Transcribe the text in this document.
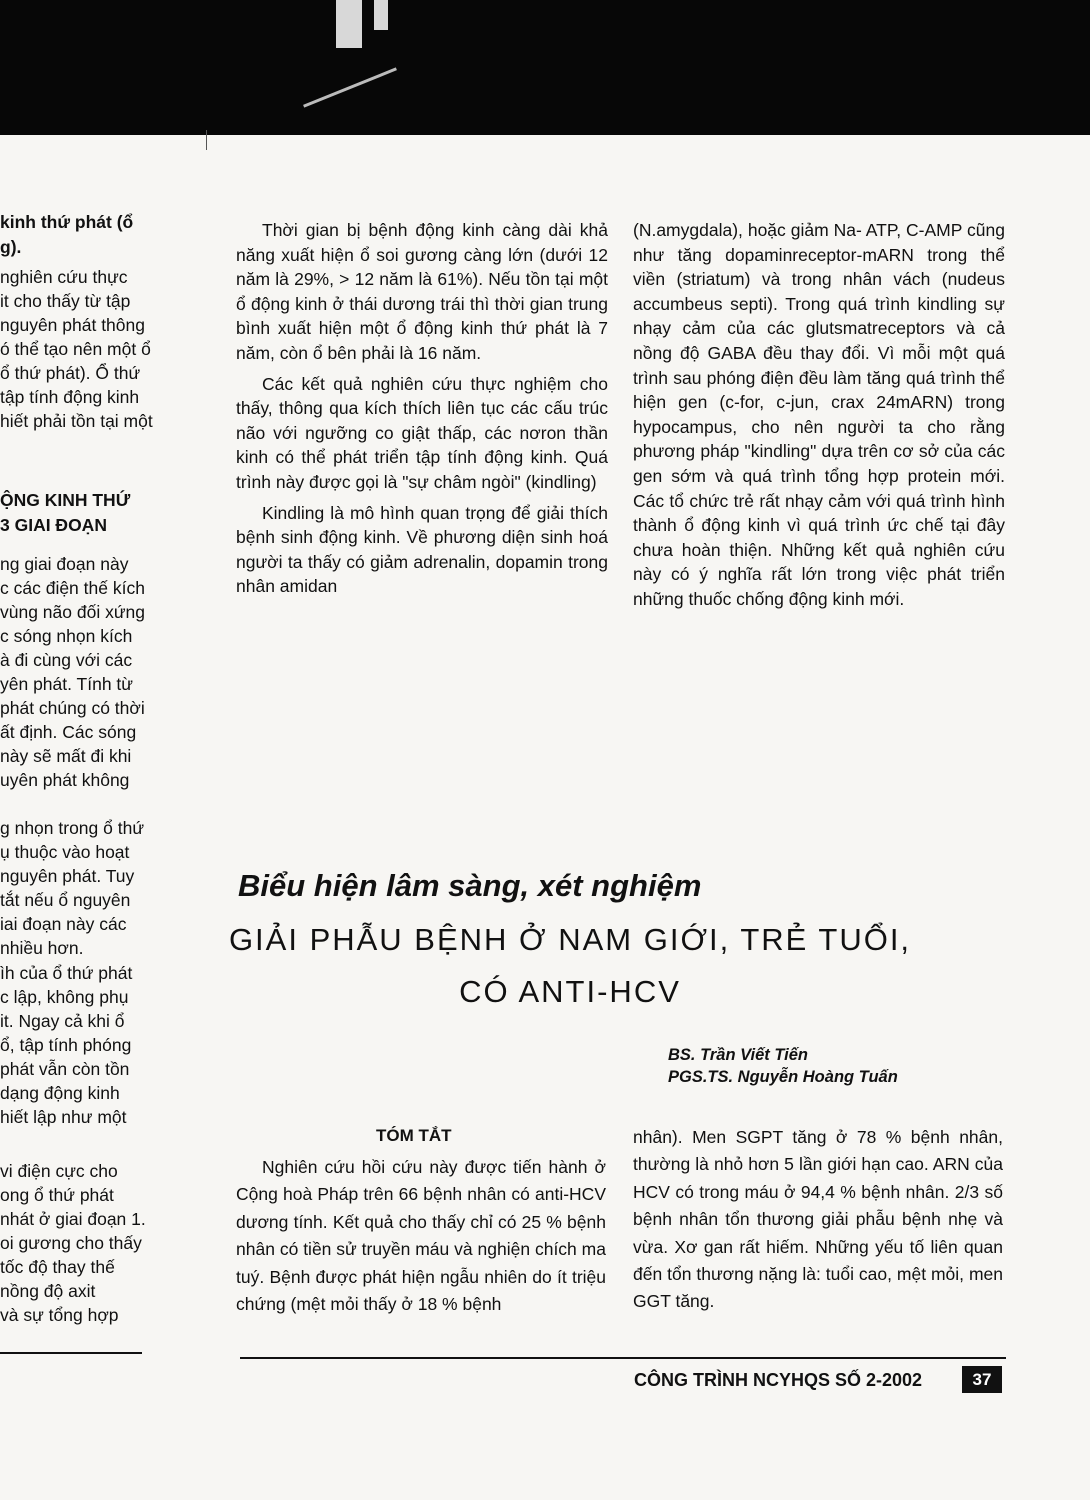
kinh thứ phát (ổ
g).
nghiên cứu thực
it cho thấy từ tập
nguyên phát thông
ó thể tạo nên một ổ
ổ thứ phát). Ổ thứ
tập tính động kinh
hiết phải tồn tại một
ỘNG KINH THỨ
3 GIAI ĐOẠN
ng giai đoạn này
c các điện thế kích
vùng não đối xứng
c sóng nhọn kích
à đi cùng với các
yên phát. Tính từ
phát chúng có thời
ất định. Các sóng
này sẽ mất đi khi
uyên phát không
g nhọn trong ổ thứ
ụ thuộc vào hoạt
nguyên phát. Tuy
tắt nếu ổ nguyên
iai đoạn này các
nhiều hơn.
ìh của ổ thứ phát
c lập, không phụ
it. Ngay cả khi ổ
ổ, tập tính phóng
phát vẫn còn tồn
dạng động kinh
hiết lập như một
vi điện cực cho
ong ổ thứ phát
nhát ở giai đoạn 1.
oi gương cho thấy
tốc độ thay thế
nồng độ axit
và sự tổng hợp

Thời gian bị bệnh động kinh càng dài khả năng xuất hiện ổ soi gương càng lớn (dưới 12 năm là 29%, > 12 năm là 61%). Nếu tồn tại một ổ động kinh ở thái dương trái thì thời gian trung bình xuất hiện một ổ động kinh thứ phát là 7 năm, còn ổ bên phải là 16 năm.

Các kết quả nghiên cứu thực nghiệm cho thấy, thông qua kích thích liên tục các cấu trúc não với ngưỡng co giật thấp, các nơron thần kinh có thể phát triển tập tính động kinh. Quá trình này được gọi là "sự châm ngòi" (kindling)

Kindling là mô hình quan trọng để giải thích bệnh sinh động kinh. Về phương diện sinh hoá người ta thấy có giảm adrenalin, dopamin trong nhân amidan

(N.amygdala), hoặc giảm Na- ATP, C-AMP cũng như tăng dopaminreceptor-mARN trong thể viền (striatum) và trong nhân vách (nudeus accumbeus septi). Trong quá trình kindling sự nhạy cảm của các glutsmatreceptors và cả nồng độ GABA đều thay đổi. Vì mỗi một quá trình sau phóng điện đều làm tăng quá trình thể hiện gen (c-for, c-jun, crax 24mARN) trong hypocampus, cho nên người ta cho rằng phương pháp "kindling" dựa trên cơ sở của các gen sớm và quá trình tổng hợp protein mới. Các tổ chức trẻ rất nhạy cảm với quá trình hình thành ổ động kinh vì quá trình ức chế tại đây chưa hoàn thiện. Những kết quả nghiên cứu này có ý nghĩa rất lớn trong việc phát triển những thuốc chống động kinh mới.

Biểu hiện lâm sàng, xét nghiệm
GIẢI PHẪU BỆNH Ở NAM GIỚI, TRẺ TUỔI,
CÓ ANTI-HCV
BS. Trần Viết Tiến
PGS.TS. Nguyễn Hoàng Tuấn
TÓM TẮT

Nghiên cứu hồi cứu này được tiến hành ở Cộng hoà Pháp trên 66 bệnh nhân có anti-HCV dương tính. Kết quả cho thấy chỉ có 25 % bệnh nhân có tiền sử truyền máu và nghiện chích ma tuý. Bệnh được phát hiện ngẫu nhiên do ít triệu chứng (mệt mỏi thấy ở 18 % bệnh

nhân). Men SGPT tăng ở 78 % bệnh nhân, thường là nhỏ hơn 5 lần giới hạn cao. ARN của HCV có trong máu ở 94,4 % bệnh nhân. 2/3 số bệnh nhân tổn thương giải phẫu bệnh nhẹ và vừa. Xơ gan rất hiếm. Những yếu tố liên quan đến tổn thương nặng là: tuổi cao, mệt mỏi, men GGT tăng.

CÔNG TRÌNH NCYHQS SỐ 2-2002	37
